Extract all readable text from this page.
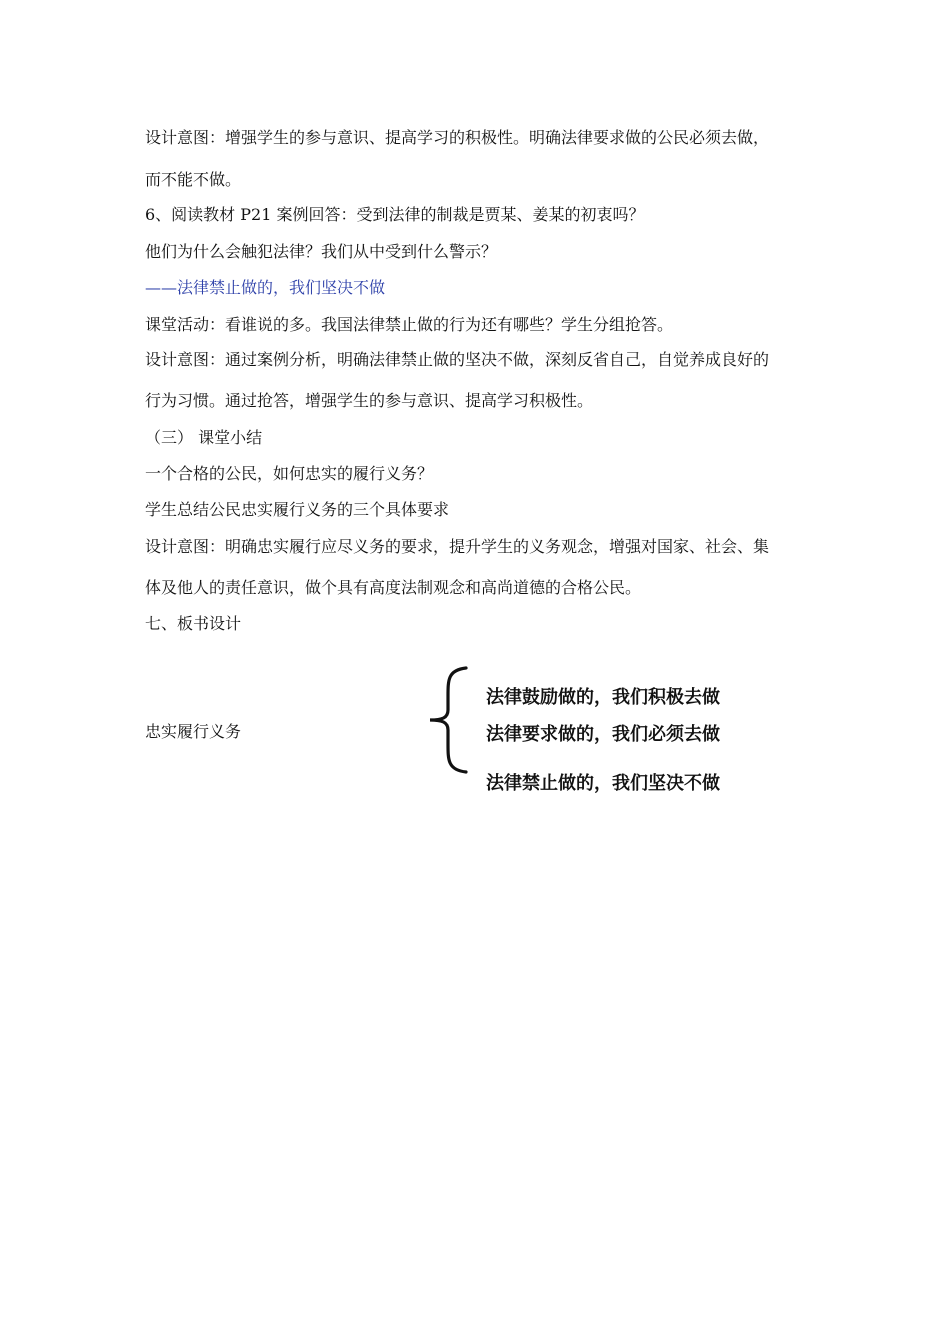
设计意图：增强学生的参与意识、提高学习的积极性。明确法律要求做的公民必须去做，
而不能不做。
6、阅读教材 P21 案例回答：受到法律的制裁是贾某、姜某的初衷吗？
他们为什么会触犯法律？我们从中受到什么警示？
——法律禁止做的，我们坚决不做
课堂活动：看谁说的多。我国法律禁止做的行为还有哪些？学生分组抢答。
设计意图：通过案例分析，明确法律禁止做的坚决不做，深刻反省自己，自觉养成良好的
行为习惯。通过抢答，增强学生的参与意识、提高学习积极性。
（三） 课堂小结
一个合格的公民，如何忠实的履行义务？
学生总结公民忠实履行义务的三个具体要求
设计意图：明确忠实履行应尽义务的要求，提升学生的义务观念，增强对国家、社会、集
体及他人的责任意识，做个具有高度法制观念和高尚道德的合格公民。
七、板书设计
忠实履行义务
法律鼓励做的，我们积极去做
法律要求做的，我们必须去做
法律禁止做的，我们坚决不做
